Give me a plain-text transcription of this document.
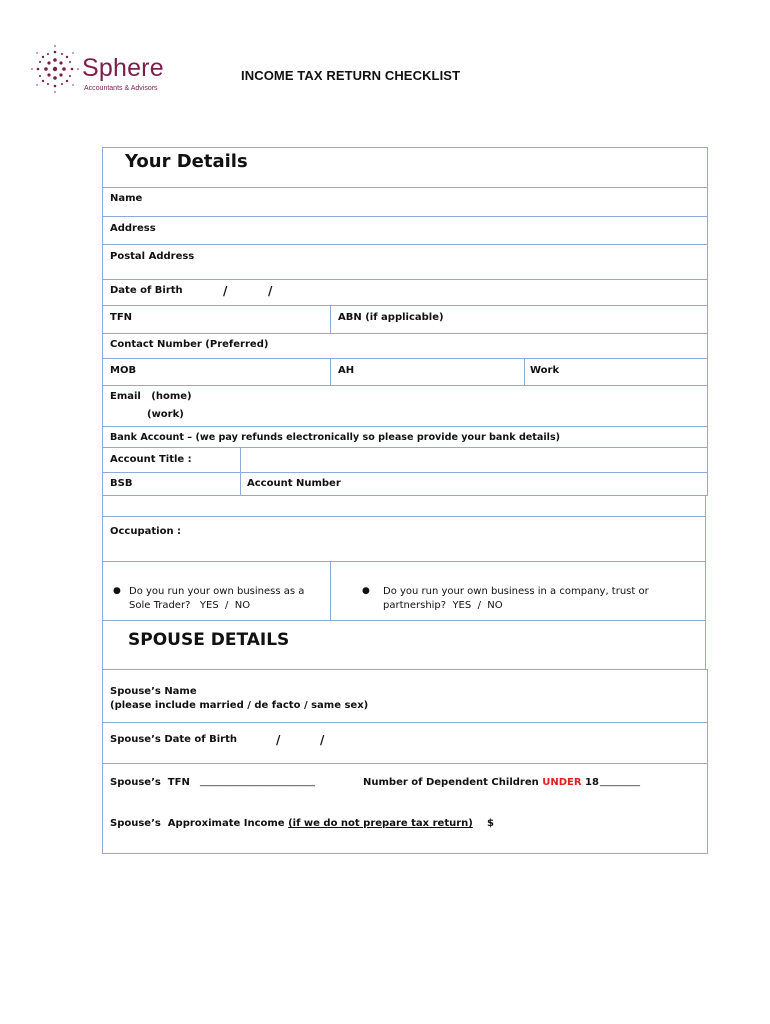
Sphere
Accountants & Advisors
INCOME TAX RETURN CHECKLIST
Your Details
Name
Address
Postal Address
Date of Birth	/	/
TFN	ABN (if applicable)
Contact Number (Preferred)
MOB	AH	Work
Email   (home)
(work)
Bank Account – (we pay refunds electronically so please provide your bank details)
Account Title :
BSB	Account Number
Occupation :
● Do you run your own business as a
Sole Trader?   YES  /  NO
● Do you run your own business in a company, trust or
partnership?  YES  /  NO
SPOUSE DETAILS
Spouse’s Name
(please include married / de facto / same sex)
Spouse’s Date of Birth	/	/
Spouse’s  TFN _______________________	Number of Dependent Children UNDER 18 ________
Spouse’s  Approximate Income (if we do not prepare tax return) $
